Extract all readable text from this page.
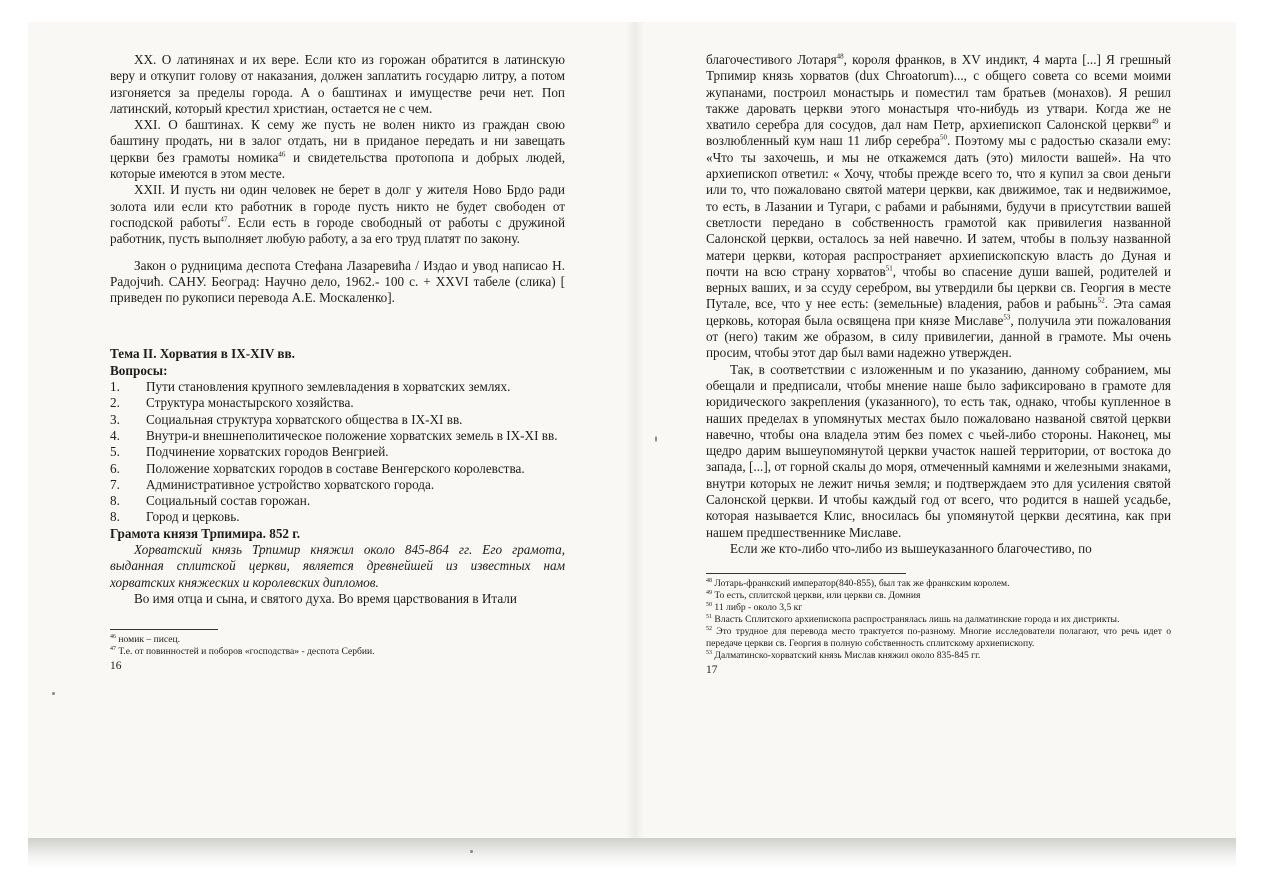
XX. О латинянах и их вере. Если кто из горожан обратится в латинскую веру и откупит голову от наказания, должен заплатить государю литру, а потом изгоняется за пределы города. А о баштинах и имуществе речи нет. Поп латинский, который крестил христиан, остается не с чем.

XXI. О баштинах. К сему же пусть не волен никто из граждан свою баштину продать, ни в залог отдать, ни в приданое передать и ни завещать церкви без грамоты номика$^{46}$ и свидетельства протопопа и добрых людей, которые имеются в этом месте.

XXII. И пусть ни один человек не берет в долг у жителя Ново Брдо ради золота или если кто работник в городе пусть никто не будет свободен от господской работы$^{47}$. Если есть в городе свободный от работы с дружиной работник, пусть выполняет любую работу, а за его труд платят по закону.

Закон о рудницима деспота Стефана Лазаревића / Издао и увод написао Н. Радојчић. САНУ. Београд: Научно дело, 1962.- 100 с. + XXVI табеле (слика) [ приведен по рукописи перевода А.Е. Москаленко].

Тема II. Хорватия в IX-XIV вв.

Вопросы:

1. Пути становления крупного землевладения в хорватских землях.

2. Структура монастырского хозяйства.

3. Социальная структура хорватского общества в IX-XI вв.

4. Внутри-и внешнеполитическое положение хорватских земель в IX-XI вв.

5. Подчинение хорватских городов Венгрией.

6. Положение хорватских городов в составе Венгерского королевства.

7. Административное устройство хорватского города.

8. Социальный состав горожан.

8. Город и церковь.

Грамота князя Трпимира. 852 г.

Хорватский князь Трпимир княжил около 845-864 гг. Его грамота, выданная сплитской церкви, является древнейшей из известных нам хорватских княжеских и королевских дипломов.

Во имя отца и сына, и святого духа. Во время царствования в Итали

$^{46}$ номик – писец.

$^{47}$ Т.е. от повинностей и поборов «господства» - деспота Сербии.

16

благочестивого Лотаря$^{48}$, короля франков, в XV индикт, 4 марта [...] Я грешный Трпимир князь хорватов (dux Chroatorum)..., с общего совета со всеми моими жупанами, построил монастырь и поместил там братьев (монахов). Я решил также даровать церкви этого монастыря что-нибудь из утвари. Когда же не хватило серебра для сосудов, дал нам Петр, архиепископ Салонской церкви$^{49}$ и возлюбленный кум наш 11 либр серебра$^{50}$. Поэтому мы с радостью сказали ему: «Что ты захочешь, и мы не откажемся дать (это) милости вашей». На что архиепископ ответил: « Хочу, чтобы прежде всего то, что я купил за свои деньги или то, что пожаловано святой матери церкви, как движимое, так и недвижимое, то есть, в Лазании и Тугари, с рабами и рабынями, будучи в присутствии вашей светлости передано в собственность грамотой как привилегия названной Салонской церкви, осталось за ней навечно. И затем, чтобы в пользу названной матери церкви, которая распространяет архиепископскую власть до Дуная и почти на всю страну хорватов$^{51}$, чтобы во спасение души вашей, родителей и верных ваших, и за ссуду серебром, вы утвердили бы церкви св. Георгия в месте Путале, все, что у нее есть: (земельные) владения, рабов и рабынь$^{52}$. Эта самая церковь, которая была освящена при князе Миславе$^{53}$, получила эти пожалования от (него) таким же образом, в силу привилегии, данной в грамоте. Мы очень просим, чтобы этот дар был вами надежно утвержден.

Так, в соответствии с изложенным и по указанию, данному собранием, мы обещали и предписали, чтобы мнение наше было зафиксировано в грамоте для юридического закрепления (указанного), то есть так, однако, чтобы купленное в наших пределах в упомянутых местах было пожаловано названой святой церкви навечно, чтобы она владела этим без помех с чьей-либо стороны. Наконец, мы щедро дарим вышеупомянутой церкви участок нашей территории, от востока до запада, [...], от горной скалы до моря, отмеченный камнями и железными знаками, внутри которых не лежит ничья земля; и подтверждаем это для усиления святой Салонской церкви. И чтобы каждый год от всего, что родится в нашей усадьбе, которая называется Клис, вносилась бы упомянутой церкви десятина, как при нашем предшественнике Миславе.

Если же кто-либо что-либо из вышеуказанного благочестиво, по

$^{48}$ Лотарь-франкский император(840-855), был так же франкским королем.

$^{49}$ То есть, сплитской церкви, или церкви св. Домния

$^{50}$ 11 либр - около 3,5 кг

$^{51}$ Власть Сплитского архиепископа распространялась лишь на далматинские города и их дистрикты.

$^{52}$ Это трудное для перевода место трактуется по-разному. Многие исследователи полагают, что речь идет о передаче церкви св. Георгия в полную собственность сплитскому архиепископу.

$^{53}$ Далматинско-хорватский князь Мислав княжил около 835-845 гг.

17
